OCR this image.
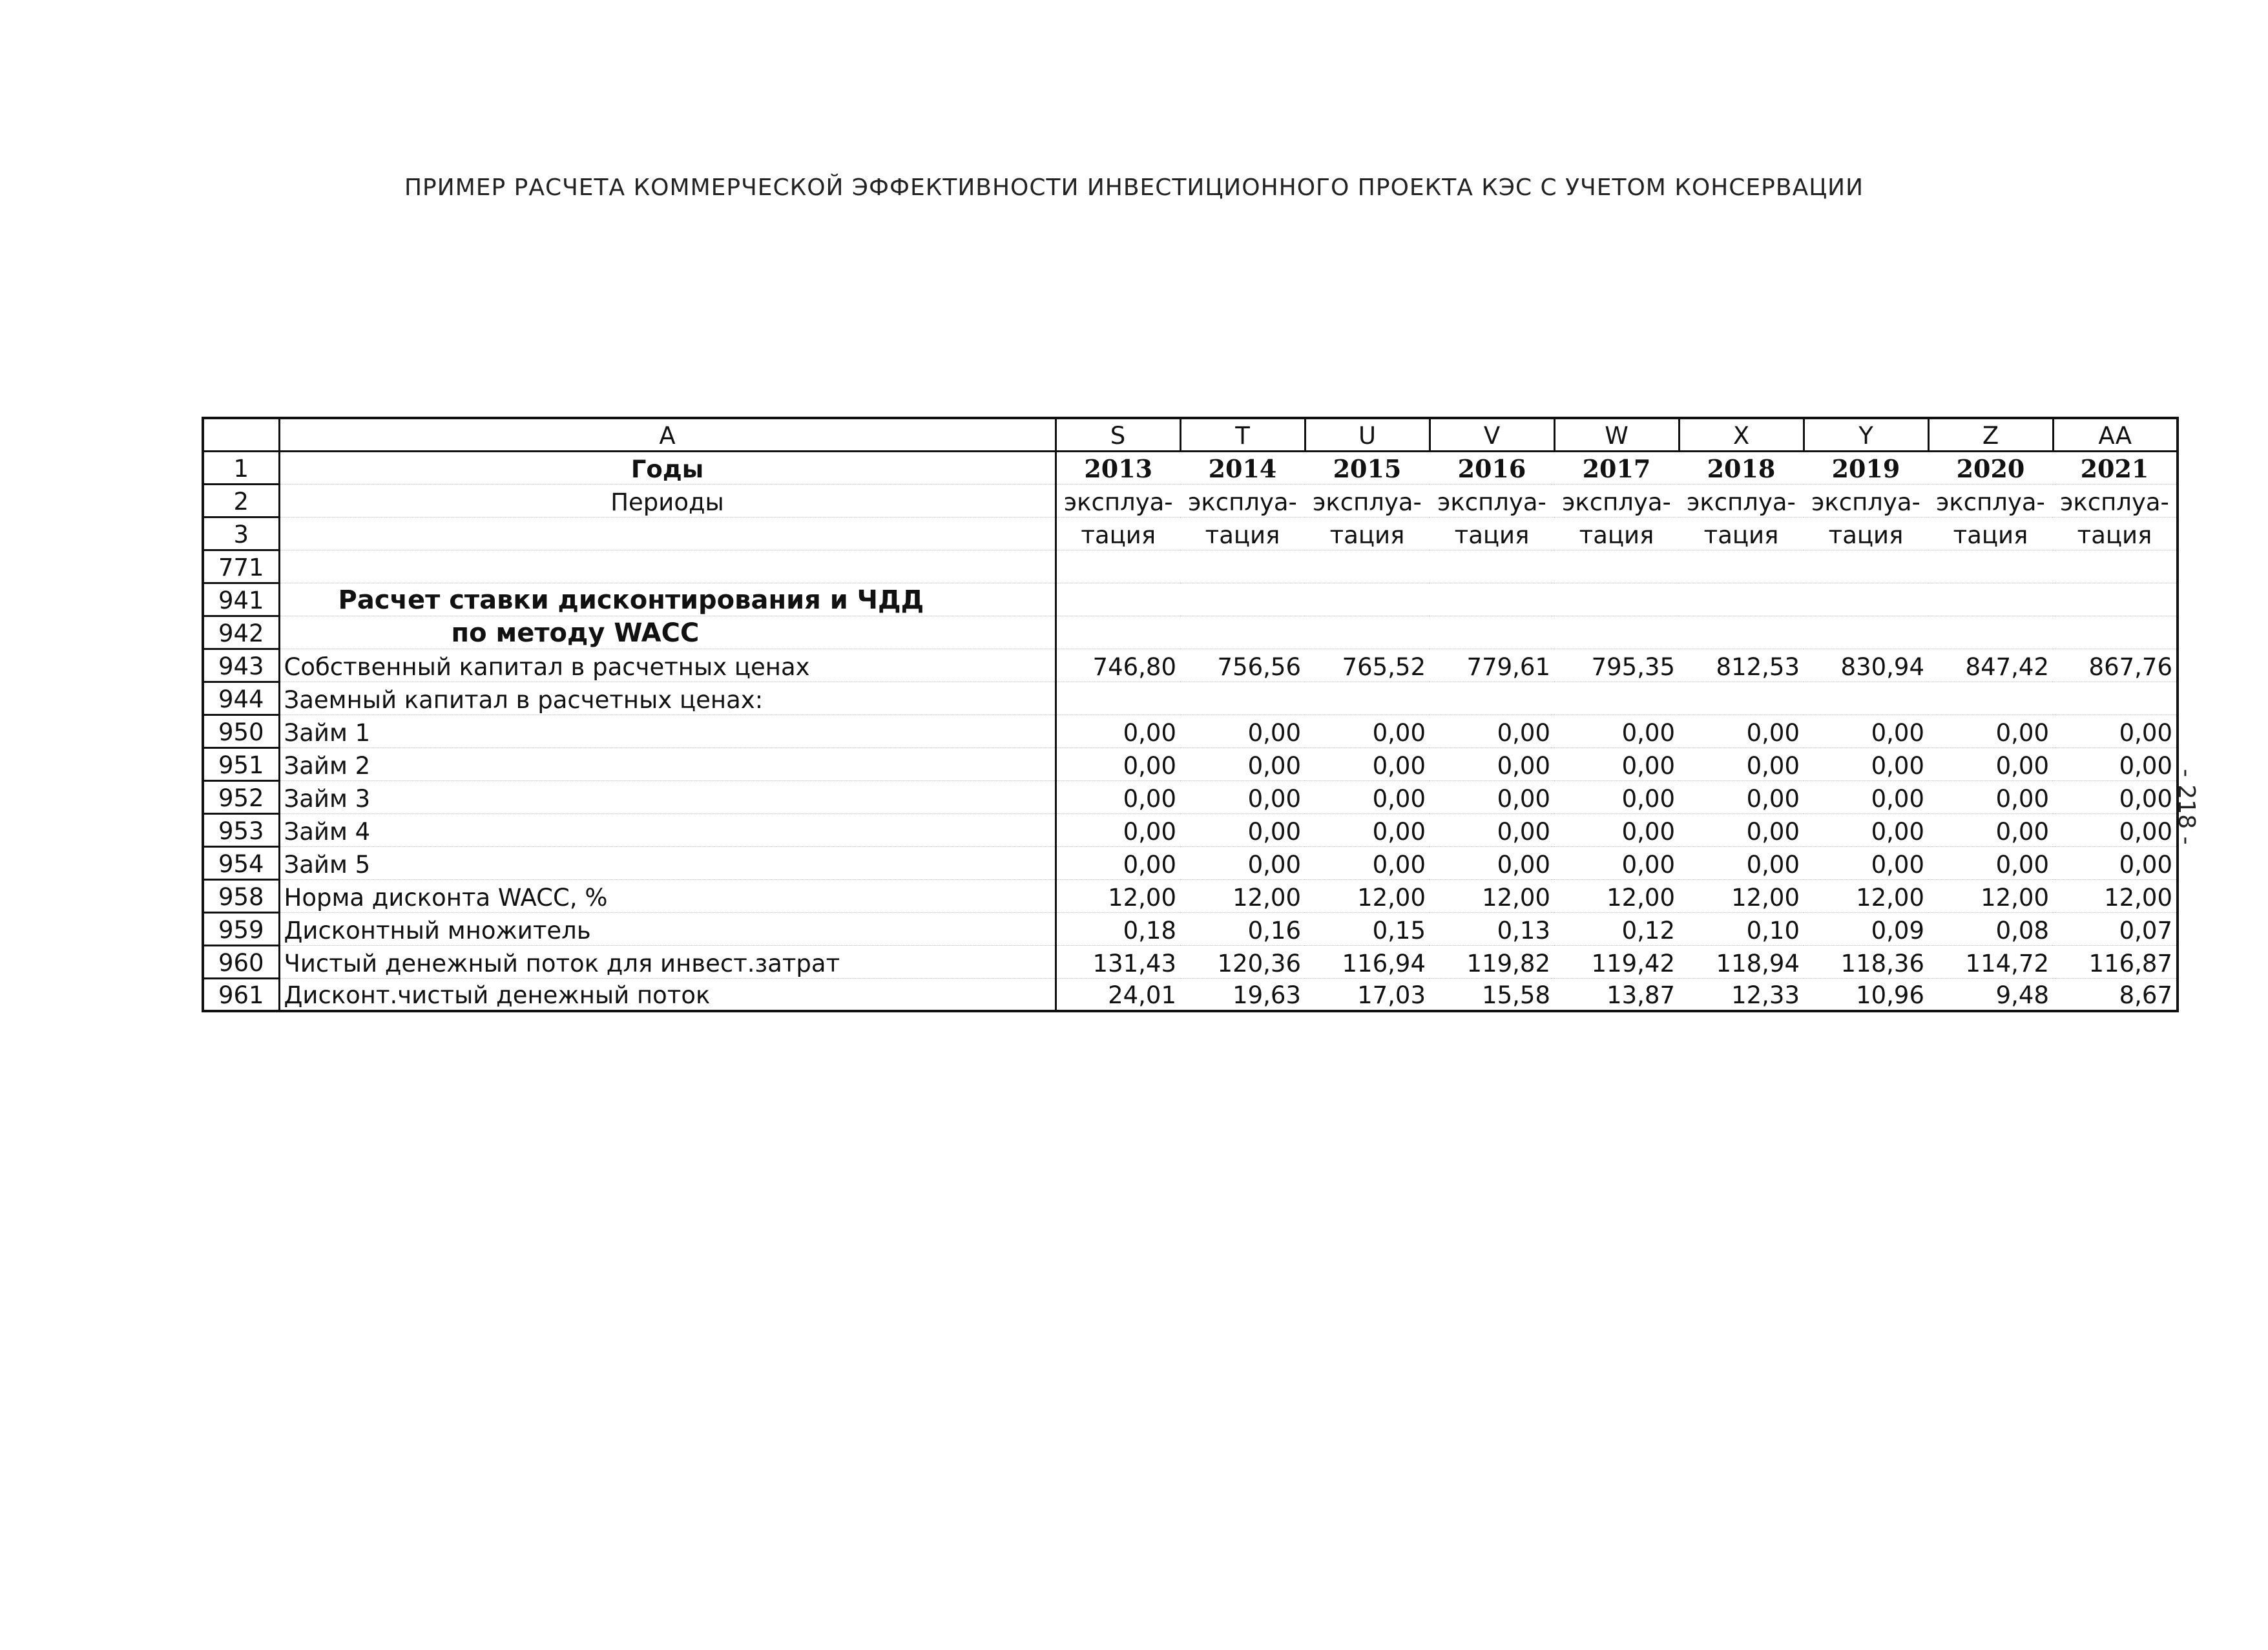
ПРИМЕР РАСЧЕТА КОММЕРЧЕСКОЙ ЭФФЕКТИВНОСТИ ИНВЕСТИЦИОННОГО ПРОЕКТА КЭС С УЧЕТОМ КОНСЕРВАЦИИ
- 218 -
	A	S	T	U	V	W	X	Y	Z	AA
1	Годы	2013	2014	2015	2016	2017	2018	2019	2020	2021
2	Периоды	эксплуа-	эксплуа-	эксплуа-	эксплуа-	эксплуа-	эксплуа-	эксплуа-	эксплуа-	эксплуа-
3		тация	тация	тация	тация	тация	тация	тация	тация	тация
771										
941	Расчет ставки дисконтирования и ЧДД									
942	по методу WACC									
943	Собственный капитал в расчетных ценах	746,80	756,56	765,52	779,61	795,35	812,53	830,94	847,42	867,76
944	Заемный капитал в расчетных ценах:									
950	Займ 1	0,00	0,00	0,00	0,00	0,00	0,00	0,00	0,00	0,00
951	Займ 2	0,00	0,00	0,00	0,00	0,00	0,00	0,00	0,00	0,00
952	Займ 3	0,00	0,00	0,00	0,00	0,00	0,00	0,00	0,00	0,00
953	Займ 4	0,00	0,00	0,00	0,00	0,00	0,00	0,00	0,00	0,00
954	Займ 5	0,00	0,00	0,00	0,00	0,00	0,00	0,00	0,00	0,00
958	Норма дисконта WACC, %	12,00	12,00	12,00	12,00	12,00	12,00	12,00	12,00	12,00
959	Дисконтный множитель	0,18	0,16	0,15	0,13	0,12	0,10	0,09	0,08	0,07
960	Чистый денежный поток для инвест.затрат	131,43	120,36	116,94	119,82	119,42	118,94	118,36	114,72	116,87
961	Дисконт.чистый денежный поток	24,01	19,63	17,03	15,58	13,87	12,33	10,96	9,48	8,67
